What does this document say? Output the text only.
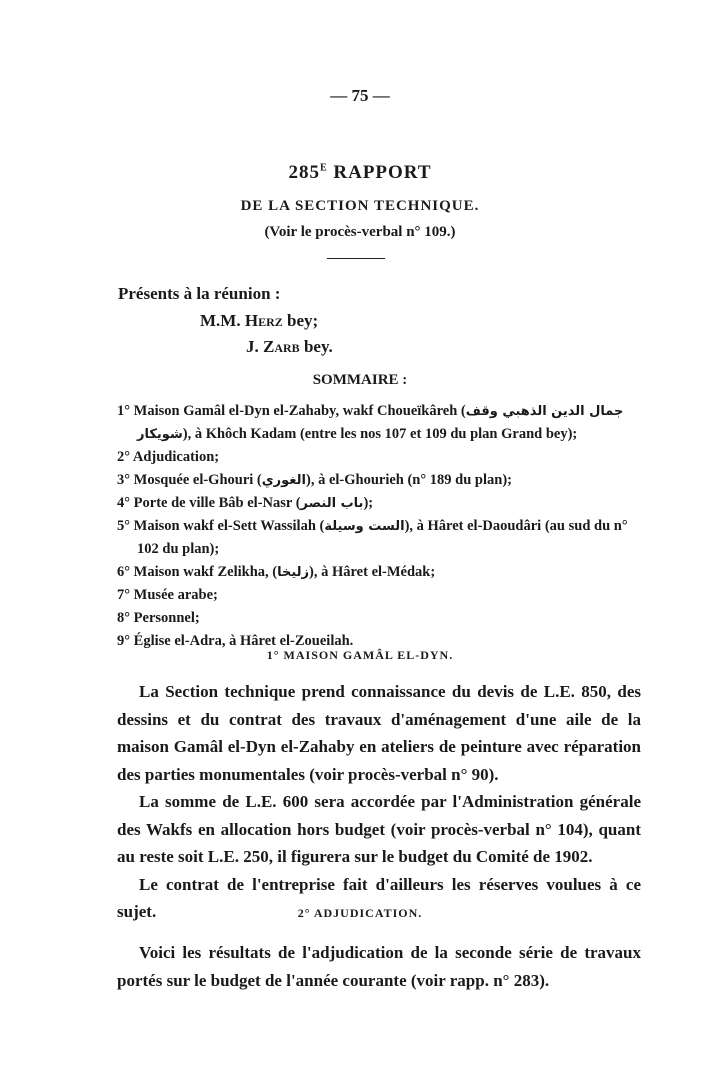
— 75 —
$285^E$ RAPPORT
DE LA SECTION TECHNIQUE.
(Voir le procès-verbal n° 109.)
Présents à la réunion :
M.M. Herz bey;
J. Zarb bey.
SOMMAIRE :
1° Maison Gamâl el-Dyn el-Zahaby, wakf Choueïkâreh (جمال الدين الذهبي وقف شويكار), à Khôch Kadam (entre les nos 107 et 109 du plan Grand bey);
2° Adjudication;
3° Mosquée el-Ghouri (الغوري), à el-Ghourieh (n° 189 du plan);
4° Porte de ville Bâb el-Nasr (باب النصر);
5° Maison wakf el-Sett Wassilah (الست وسيلة), à Hâret el-Daoudâri (au sud du n° 102 du plan);
6° Maison wakf Zelikha, (زليخا), à Hâret el-Médak;
7° Musée arabe;
8° Personnel;
9° Église el-Adra, à Hâret el-Zoueilah.
1° MAISON GAMÂL EL-DYN.

La Section technique prend connaissance du devis de L.E. 850, des dessins et du contrat des travaux d'aménagement d'une aile de la maison Gamâl el-Dyn el-Zahaby en ateliers de peinture avec réparation des parties monumentales (voir procès-verbal n° 90).

La somme de L.E. 600 sera accordée par l'Administration générale des Wakfs en allocation hors budget (voir procès-verbal n° 104), quant au reste soit L.E. 250, il figurera sur le budget du Comité de 1902.

Le contrat de l'entreprise fait d'ailleurs les réserves voulues à ce sujet.	2° ADJUDICATION.

Voici les résultats de l'adjudication de la seconde série de travaux portés sur le budget de l'année courante (voir rapp. n° 283).
